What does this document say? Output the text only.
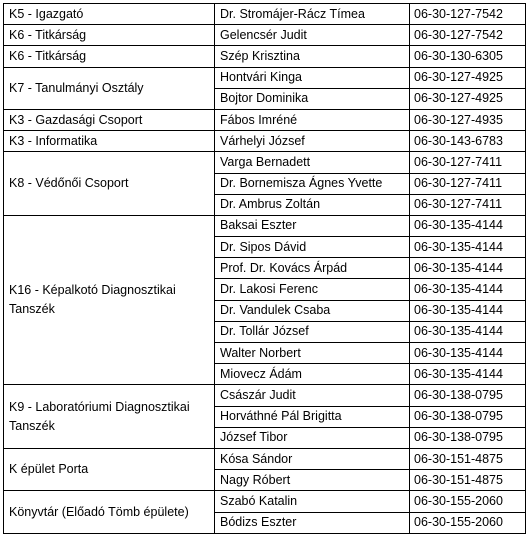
K5 - Igazgató	Dr. Stromájer-Rácz Tímea	06-30-127-7542
K6 - Titkárság	Gelencsér Judit	06-30-127-7542
K6 - Titkárság	Szép Krisztina	06-30-130-6305
K7 - Tanulmányi Osztály	Hontvári Kinga	06-30-127-4925
	Bojtor Dominika	06-30-127-4925
K3 - Gazdasági Csoport	Fábos Imréné	06-30-127-4935
K3 - Informatika	Várhelyi József	06-30-143-6783
K8 - Védőnői Csoport	Varga Bernadett	06-30-127-7411
	Dr. Bornemisza Ágnes Yvette	06-30-127-7411
	Dr. Ambrus Zoltán	06-30-127-7411
K16 - Képalkotó Diagnosztikai Tanszék	Baksai Eszter	06-30-135-4144
	Dr. Sipos Dávid	06-30-135-4144
	Prof. Dr. Kovács Árpád	06-30-135-4144
	Dr. Lakosi Ferenc	06-30-135-4144
	Dr. Vandulek Csaba	06-30-135-4144
	Dr. Tollár József	06-30-135-4144
	Walter Norbert	06-30-135-4144
	Miovecz Ádám	06-30-135-4144
K9 - Laboratóriumi Diagnosztikai Tanszék	Császár Judit	06-30-138-0795
	Horváthné Pál Brigitta	06-30-138-0795
	József Tibor	06-30-138-0795
K épület Porta	Kósa Sándor	06-30-151-4875
	Nagy Róbert	06-30-151-4875
Könyvtár (Előadó Tömb épülete)	Szabó Katalin	06-30-155-2060
	Bódizs Eszter	06-30-155-2060
